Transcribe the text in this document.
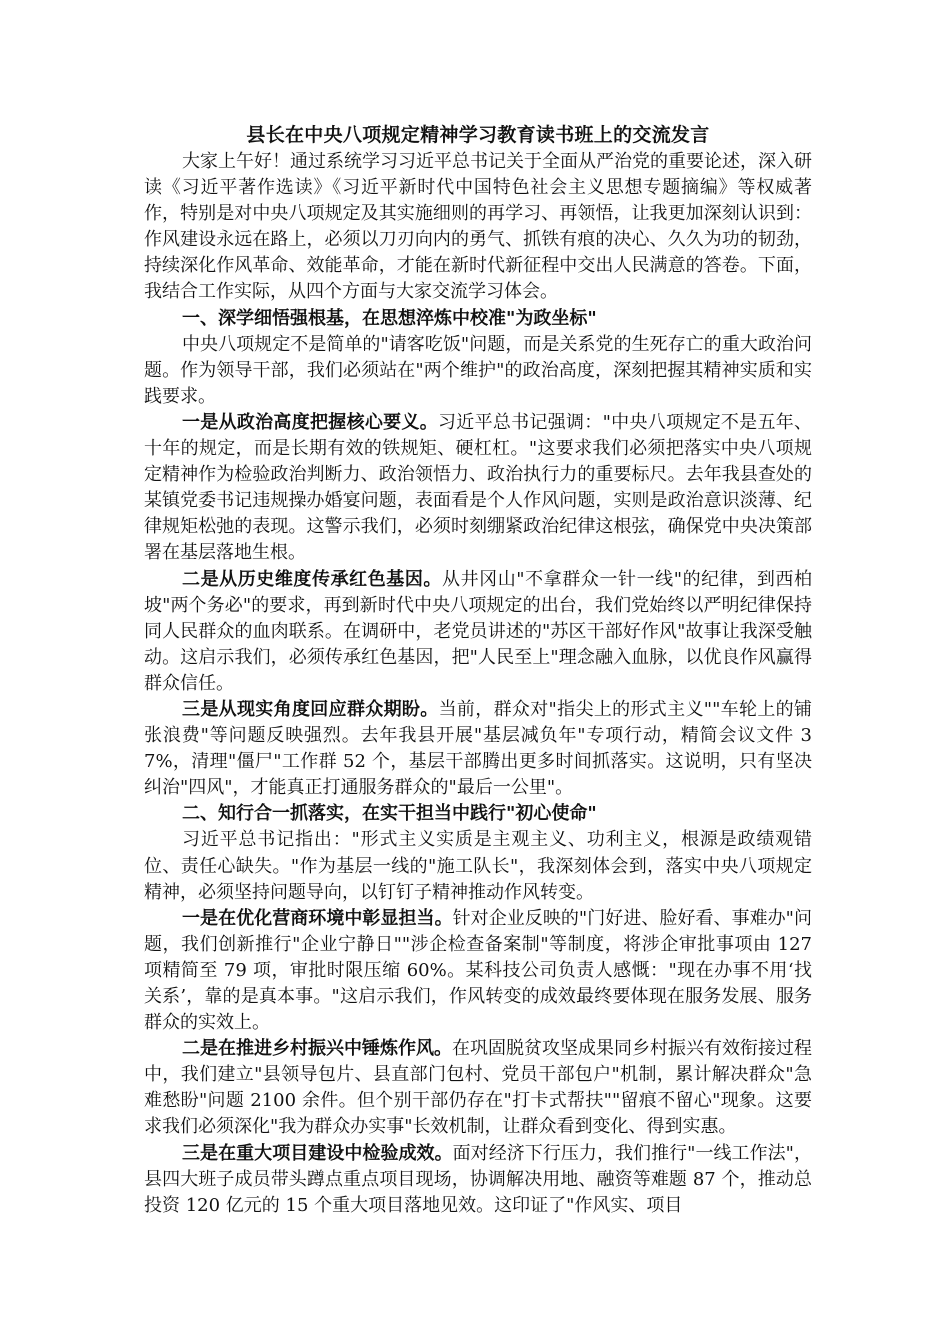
县长在中央八项规定精神学习教育读书班上的交流发言

大家上午好！通过系统学习习近平总书记关于全面从严治党的重要论述，深入研读《习近平著作选读》《习近平新时代中国特色社会主义思想专题摘编》等权威著作，特别是对中央八项规定及其实施细则的再学习、再领悟，让我更加深刻认识到：作风建设永远在路上，必须以刀刃向内的勇气、抓铁有痕的决心、久久为功的韧劲，持续深化作风革命、效能革命，才能在新时代新征程中交出人民满意的答卷。下面，我结合工作实际，从四个方面与大家交流学习体会。

一、深学细悟强根基，在思想淬炼中校准"为政坐标"

中央八项规定不是简单的"请客吃饭"问题，而是关系党的生死存亡的重大政治问题。作为领导干部，我们必须站在"两个维护"的政治高度，深刻把握其精神实质和实践要求。

一是从政治高度把握核心要义。习近平总书记强调："中央八项规定不是五年、十年的规定，而是长期有效的铁规矩、硬杠杠。"这要求我们必须把落实中央八项规定精神作为检验政治判断力、政治领悟力、政治执行力的重要标尺。去年我县查处的某镇党委书记违规操办婚宴问题，表面看是个人作风问题，实则是政治意识淡薄、纪律规矩松弛的表现。这警示我们，必须时刻绷紧政治纪律这根弦，确保党中央决策部署在基层落地生根。

二是从历史维度传承红色基因。从井冈山"不拿群众一针一线"的纪律，到西柏坡"两个务必"的要求，再到新时代中央八项规定的出台，我们党始终以严明纪律保持同人民群众的血肉联系。在调研中，老党员讲述的"苏区干部好作风"故事让我深受触动。这启示我们，必须传承红色基因，把"人民至上"理念融入血脉，以优良作风赢得群众信任。

三是从现实角度回应群众期盼。当前，群众对"指尖上的形式主义""车轮上的铺张浪费"等问题反映强烈。去年我县开展"基层减负年"专项行动，精简会议文件 37%，清理"僵尸"工作群 52 个，基层干部腾出更多时间抓落实。这说明，只有坚决纠治"四风"，才能真正打通服务群众的"最后一公里"。

二、知行合一抓落实，在实干担当中践行"初心使命"

习近平总书记指出："形式主义实质是主观主义、功利主义，根源是政绩观错位、责任心缺失。"作为基层一线的"施工队长"，我深刻体会到，落实中央八项规定精神，必须坚持问题导向，以钉钉子精神推动作风转变。

一是在优化营商环境中彰显担当。针对企业反映的"门好进、脸好看、事难办"问题，我们创新推行"企业宁静日""涉企检查备案制"等制度，将涉企审批事项由 127 项精简至 79 项，审批时限压缩 60%。某科技公司负责人感慨："现在办事不用‘找关系’，靠的是真本事。"这启示我们，作风转变的成效最终要体现在服务发展、服务群众的实效上。

二是在推进乡村振兴中锤炼作风。在巩固脱贫攻坚成果同乡村振兴有效衔接过程中，我们建立"县领导包片、县直部门包村、党员干部包户"机制，累计解决群众"急难愁盼"问题 2100 余件。但个别干部仍存在"打卡式帮扶""留痕不留心"现象。这要求我们必须深化"我为群众办实事"长效机制，让群众看到变化、得到实惠。

三是在重大项目建设中检验成效。面对经济下行压力，我们推行"一线工作法"，县四大班子成员带头蹲点重点项目现场，协调解决用地、融资等难题 87 个，推动总投资 120 亿元的 15 个重大项目落地见效。这印证了"作风实、项目
